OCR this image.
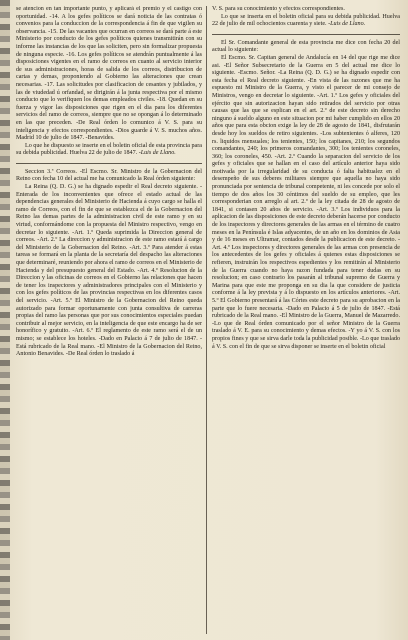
se atencion en tan importante punto, y aplicará el premio y el castigo con oportunidad. -14. A los gefes políticos se dará noticia de las contratas ó convenios para la conduccion de la correspondencia á fin de que vigilen su observancia. -15. De las vacantes que ocurran en correos se dará parte á este Ministerio por conducto de los gefes políticos quienes transmitirán con su informe las instancias de los que las soliciten, pero sin formalizar propuesta de ninguna especie. -16. Los gefes políticos se atendrán puntualmente á las disposiciones vigentes en el ramo de correos en cuanto al servicio interior de sus administraciones, horas de salida de los correos, distribucion de cartas y demas, proponiendo al Gobierno las alteraciones que crean necesarias. -17. Las solicitudes por clasificacion de cesantes y jubilados, y las de viudedad ú orfandad, se dirigirán á la junta respectiva por el mismo conducto que lo verifiquen los demas empleados civiles. -18. Quedan en su fuerza y vigor las disposiciones que rigen en el dia para los diferentes servicios del ramo de correos, siempre que no se opongan á lo determinado en las que preceden. -De Real órden lo comunico á V. S. para su inteligencia y efectos correspondientes. -Dios guarde á V. S. muchos años. Madrid 10 de julio de 1847. -Benavides.

Lo que he dispuesto se inserte en el boletin oficial de esta provincia para su debida publicidad. Huelva 22 de julio de 1847. -Luis de Llano.

Seccion 3.ª Correos. -El Escmo. Sr. Ministro de la Gobernacion del Reino con fecha 10 del actual me ha comunicado la Real órden siguiente:

La Reina (Q. D. G.) se ha dignado espedir el Real decreto siguiente. -Enterada de los inconvenientes que ofrece el estado actual de las dependencias generales del Ministerio de Hacienda á cuyo cargo se halla el ramo de Correos, con el fin de que se establezca el de la Gobernacion del Reino las demas partes de la administracion civil de este ramo y en su virtud, conformándome con la propuesta del Ministro respectivo, vengo en decretar lo siguiente. -Art. 1.º Queda suprimida la Direccion general de correos. -Art. 2.º La direccion y administracion de este ramo estará á cargo del Ministerio de la Gobernacion del Reino. -Art. 3.º Para atender á estas tareas se formará en la planta de la secretaría del despacho las alteraciones que determinaré, reuniendo por ahora el ramo de correos en el Ministerio de Hacienda y del presupuesto general del Estado. -Art. 4.º Resolucion de la Direccion y las oficinas de correos en el Gobierno las relaciones que hacen de tener los inspectores y administradores principales con el Ministerio y con los gefes políticos de las provincias respectivas en los diferentes casos del servicio. -Art. 5.º El Ministro de la Gobernacion del Reino queda autorizado para formar oportunamente con junta consultiva de carreras propias del ramo las personas que por sus conocimientos especiales puedan contribuir al mejor servicio, en la inteligencia de que este encargo ha de ser honorífico y gratuito. -Art. 6.º El reglamento de este ramo será el de un mismo; se establece los hoteles. -Dado en Palacio á 7 de julio de 1847. -Está rubricado de la Real mano. -El Ministro de la Gobernacion del Reino, Antonio Benavides. -De Real órden lo traslado á

V. S. para su conocimiento y efectos correspondientes.

Lo que se inserta en el boletin oficial para su debida publicidad. Huelva 22 de julio de mil ochocientos cuarenta y siete. -Luis de Llano.

El Sr. Comandante general de esta provincia me dice con fecha 20 del actual lo siguiente:

El Escmo. Sr. Capitan general de Andalucía en 14 del que rige me dice asi. -El Señor Subsecretario de la Guerra en 5 del actual me dice lo siguiente. -Escmo. Señor. -La Reina (Q. D. G.) se ha dignado espedir con esta fecha el Real decreto siguiente. -En vista de las razones que me ha espuesto mi Ministro de la Guerra, y visto el parecer de mi consejo de Ministros, vengo en decretar lo siguiente. -Art. 1.º Los gefes y oficiales del ejército que sin autorizacion hayan sido retirados del servicio por otras causas que las que se esplican en el art. 2.º de este decreto sin derecho ninguno á sueldo alguno en este situacion por mi haber cumplido en ellos 20 años que para esta obcion exige la ley de 28 de agosto de 1841, disfrutarán desde hoy los sueldos de retiro siguientes. -Los subtenientes ó alferes, 120 rs. liquidos mensuales; los tenientes, 150; los capitanes, 210; los segundos comandantes, 240; los primeros comandantes, 300; los tenientes coroneles, 360; los coroneles, 450. -Art. 2.º Cuando la separacion del servicio de los gefes y oficiales que se hallan en el caso del artículo anterior haya sido motivada por la irregularidad de su conducta ó falta habitualez en el desempeño de sus deberes militares siempre que aquella no haya sido pronunciada por sentencia de tribunal competente, ni les concede por solo el tiempo de dos años los 30 céntimos del sueldo de su empleo, que les corresponderian con arreglo al art. 2.º de la ley citada de 28 de agosto de 1841, si contasen 20 años de servicio. -Art. 3.º Los individuos para la aplicacion de las disposiciones de este decreto deberán hacerse por conducto de los inspectores y directores generales de las armas en el término de cuatro meses en la Península é Islas adyacentes, de un año en los dominios de Asia y de 16 meses en Ultramar, contados desde la publicacion de este decreto. -Art. 4.º Los inspectores y directores generales de las armas con presencia de los antecedentes de los gefes y oficiales á quienes estas disposiciones se refieren, instruirán los respectivos espedientes y los remitirán al Ministerio de la Guerra cuando no haya razon fundada para tener dudas en su resolucion; en caso contrario los pasarán al tribunal supremo de Guerra y Marina para que este me proponga en su dia la que considere de justicia conforme á la ley prevista y á lo dispuesto en los artículos anteriores. -Art. 5.º El Gobierno presentará á las Córtes este decreto para su aprobacion en la parte que lo fuere necesaria. -Dado en Palacio á 5 de julio de 1847. -Está rubricado de la Real mano. -El Ministro de la Guerra, Manuel de Mazarredo. -Lo que de Real órden comunicado por el señor Ministro de la Guerra traslado á V. E. para su conocimiento y demas efectos. -Y yo á V. S. con los propios fines y que se sirva darle toda la publicidad posible. -Lo que traslado á V. S. con el fin de que se sirva disponer se inserte en el boletin oficial
